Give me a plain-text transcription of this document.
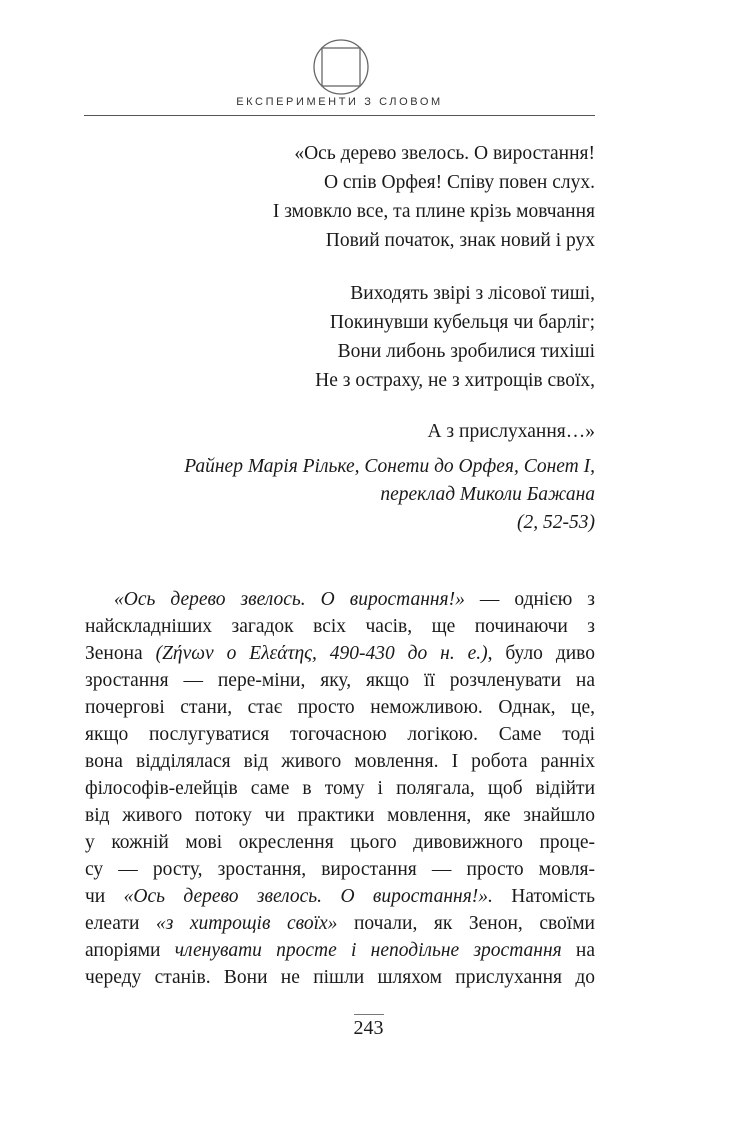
ЕКСПЕРИМЕНТИ З СЛОВОМ

«Ось дерево звелось. О виростання!

О спів Орфея! Співу повен слух.

І змовкло все, та плине крізь мовчання

Повий початок, знак новий і рух

Виходять звірі з лісової тиші,

Покинувши кубельця чи барліг;

Вони либонь зробилися тихіші

Не з остраху, не з хитрощів своїх,

А з прислухання…»

Райнер Марія Рільке, Сонети до Орфея, Сонет І,

переклад Миколи Бажана

(2, 52-53)

«Ось дерево звелось. О виростання!» — однією з
найскладніших загадок всіх часів, ще починаючи з
Зенона (Ζήνων ο Ελεάτης, 490-430 до н. е.), було диво
зростання — пере-міни, яку, якщо її розчленувати на
почергові стани, стає просто неможливою. Однак, це,
якщо послугуватися тогочасною логікою. Саме тоді
вона відділялася від живого мовлення. І робота ранніх
філософів-елейців саме в тому і полягала, щоб відійти
від живого потоку чи практики мовлення, яке знайшло
у кожній мові окреслення цього дивовижного проце-
су — росту, зростання, виростання — просто мовля-
чи «Ось дерево звелось. О виростання!». Натомість
елеати «з хитрощів своїх» почали, як Зенон, своїми
апоріями членувати просте і неподільне зростання на
череду станів. Вони не пішли шляхом прислухання до
243
